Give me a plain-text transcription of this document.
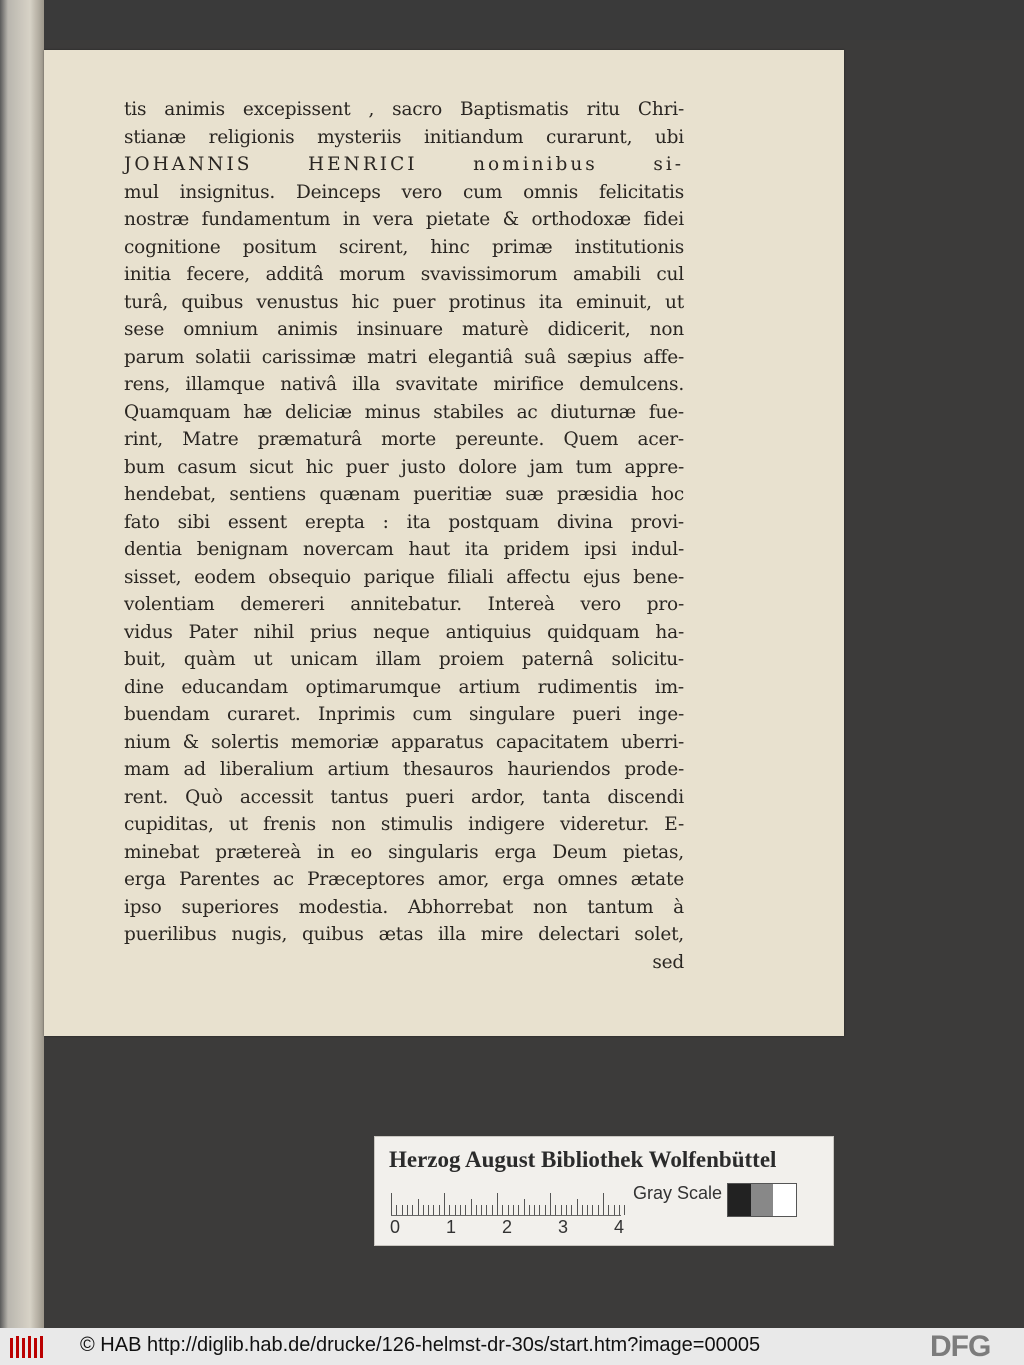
tis animis excepissent , sacro Baptismatis ritu Chri-
stianæ religionis mysteriis initiandum curarunt, ubi
JOHANNIS HENRICI nominibus si-
mul insignitus. Deinceps vero cum omnis felicitatis
nostræ fundamentum in vera pietate & orthodoxæ fidei
cognitione positum scirent, hinc primæ institutionis
initia fecere, additâ morum svavissimorum amabili cul
turâ, quibus venustus hic puer protinus ita eminuit, ut
sese omnium animis insinuare maturè didicerit, non
parum solatii carissimæ matri elegantiâ suâ sæpius affe-
rens, illamque nativâ illa svavitate mirifice demulcens.
Quamquam hæ deliciæ minus stabiles ac diuturnæ fue-
rint, Matre præmaturâ morte pereunte. Quem acer-
bum casum sicut hic puer justo dolore jam tum appre-
hendebat, sentiens quænam pueritiæ suæ præsidia hoc
fato sibi essent erepta : ita postquam divina provi-
dentia benignam novercam haut ita pridem ipsi indul-
sisset, eodem obsequio parique filiali affectu ejus bene-
volentiam demereri annitebatur. Intereà vero pro-
vidus Pater nihil prius neque antiquius quidquam ha-
buit, quàm ut unicam illam proiem paternâ solicitu-
dine educandam optimarumque artium rudimentis im-
buendam curaret. Inprimis cum singulare pueri inge-
nium & solertis memoriæ apparatus capacitatem uberri-
mam ad liberalium artium thesauros hauriendos prode-
rent. Quò accessit tantus pueri ardor, tanta discendi
cupiditas, ut frenis non stimulis indigere videretur. E-
minebat prætereà in eo singularis erga Deum pietas,
erga Parentes ac Præceptores amor, erga omnes ætate
ipso superiores modestia. Abhorrebat non tantum à
puerilibus nugis, quibus ætas illa mire delectari solet,
sed
Herzog August Bibliothek Wolfenbüttel
0	1	2	3	4
Gray Scale
© HAB http://diglib.hab.de/drucke/126-helmst-dr-30s/start.htm?image=00005	DFG
